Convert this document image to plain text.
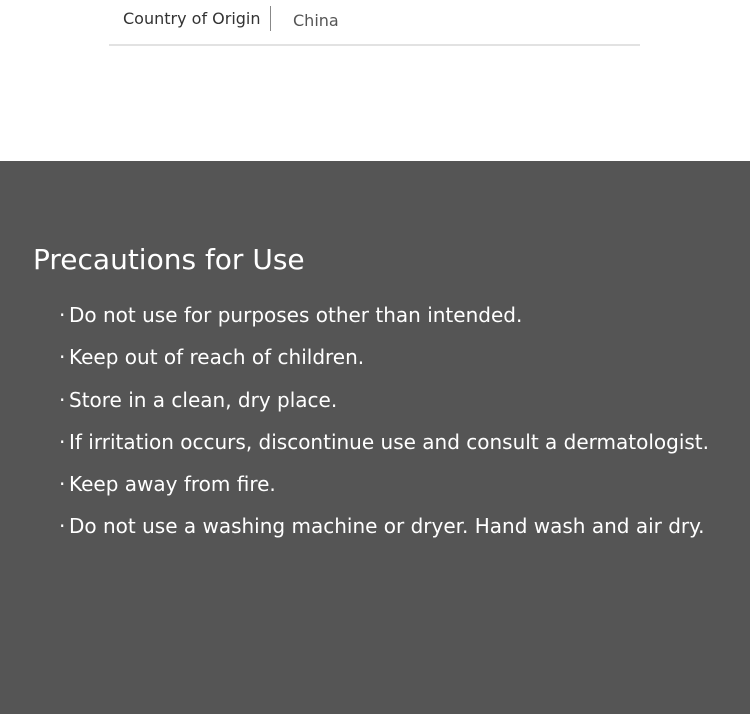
Country of Origin China
Precautions for Use
· Do not use for purposes other than intended.
· Keep out of reach of children.
· Store in a clean, dry place.
· If irritation occurs, discontinue use and consult a dermatologist.
· Keep away from fire.
· Do not use a washing machine or dryer. Hand wash and air dry.
